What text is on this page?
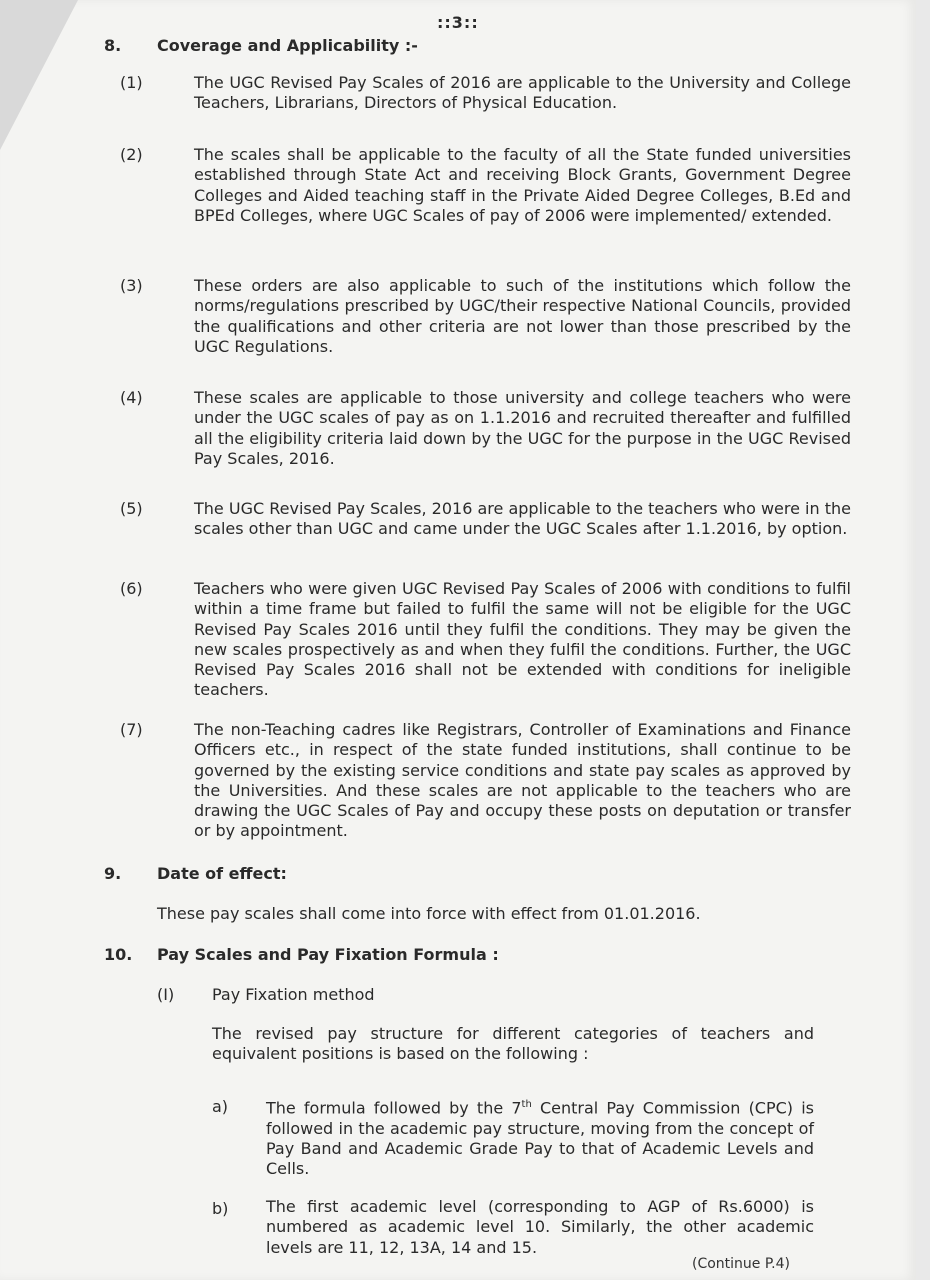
::3::
8. Coverage and Applicability :-
(1)	The UGC Revised Pay Scales of 2016 are applicable to the University and College Teachers, Librarians, Directors of Physical Education.
(2)	The scales shall be applicable to the faculty of all the State funded universities established through State Act and receiving Block Grants, Government Degree Colleges and Aided teaching staff in the Private Aided Degree Colleges, B.Ed and BPEd Colleges, where UGC Scales of pay of 2006 were implemented/ extended.
(3)	These orders are also applicable to such of the institutions which follow the norms/regulations prescribed by UGC/their respective National Councils, provided the qualifications and other criteria are not lower than those prescribed by the UGC Regulations.
(4)	These scales are applicable to those university and college teachers who were under the UGC scales of pay as on 1.1.2016 and recruited thereafter and fulfilled all the eligibility criteria laid down by the UGC for the purpose in the UGC Revised Pay Scales, 2016.
(5)	The UGC Revised Pay Scales, 2016 are applicable to the teachers who were in the scales other than UGC and came under the UGC Scales after 1.1.2016, by option.
(6)	Teachers who were given UGC Revised Pay Scales of 2006 with conditions to fulfil within a time frame but failed to fulfil the same will not be eligible for the UGC Revised Pay Scales 2016 until they fulfil the conditions. They may be given the new scales prospectively as and when they fulfil the conditions. Further, the UGC Revised Pay Scales 2016 shall not be extended with conditions for ineligible teachers.
(7)	The non-Teaching cadres like Registrars, Controller of Examinations and Finance Officers etc., in respect of the state funded institutions, shall continue to be governed by the existing service conditions and state pay scales as approved by the Universities. And these scales are not applicable to the teachers who are drawing the UGC Scales of Pay and occupy these posts on deputation or transfer or by appointment.
9. Date of effect:
These pay scales shall come into force with effect from 01.01.2016.
10. Pay Scales and Pay Fixation Formula :
(I) Pay Fixation method
The revised pay structure for different categories of teachers and equivalent positions is based on the following :
a) The formula followed by the 7th Central Pay Commission (CPC) is followed in the academic pay structure, moving from the concept of Pay Band and Academic Grade Pay to that of Academic Levels and Cells.
b) The first academic level (corresponding to AGP of Rs.6000) is numbered as academic level 10. Similarly, the other academic levels are 11, 12, 13A, 14 and 15.
(Continue P.4)
